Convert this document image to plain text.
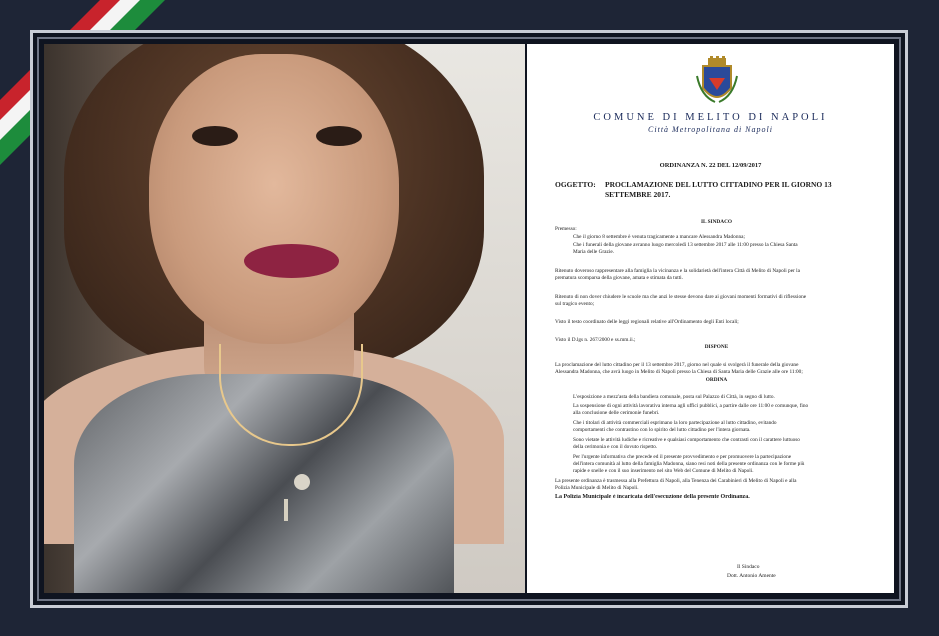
COMUNE DI MELITO DI NAPOLI
Città Metropolitana di Napoli
ORDINANZA N. 22 DEL 12/09/2017
OGGETTO: PROCLAMAZIONE DEL LUTTO CITTADINO PER IL GIORNO 13
SETTEMBRE 2017.
IL SINDACO
Premesso:
Che il giorno 8 settembre è venuta tragicamente a mancare Alessandra Madonna;
Che i funerali della giovane avranno luogo mercoledì 13 settembre 2017 alle 11:00 presso la Chiesa Santa
Maria delle Grazie.
Ritenuto doveroso rappresentare alla famiglia la vicinanza e la solidarietà dell'intera Città di Melito di Napoli per la
prematura scomparsa della giovane, amata e stimata da tutti.
Ritenuto di non dover chiudere le scuole ma che anzi le stesse devono dare ai giovani momenti formativi di riflessione
sul tragico evento;
Visto il testo coordinato delle leggi regionali relative all'Ordinamento degli Enti locali;
Visto il D.lgs n. 267/2000 e ss.mm.ii.;
DISPONE
La proclamazione del lutto cittadino per il 13 settembre 2017, giorno nel quale si svolgerà il funerale della giovane
Alessandra Madonna, che avrà luogo in Melito di Napoli presso la Chiesa di Santa Maria delle Grazie alle ore 11:00;
ORDINA
L'esposizione a mezz'asta della bandiera comunale, posta sul Palazzo di Città, in segno di lutto.
La sospensione di ogni attività lavorativa interna agli uffici pubblici, a partire dalle ore 11:00 e comunque, fino
alla conclusione delle cerimonie funebri.
Che i titolari di attività commerciali esprimano la loro partecipazione al lutto cittadino, evitando
comportamenti che contrastino con lo spirito del lutto cittadino per l'intera giornata.
Sono vietate le attività ludiche e ricreative e qualsiasi comportamento che contrasti con il carattere luttuoso
della cerimonia e con il dovuto rispetto.
Per l'urgente informativa che precede ed il presente provvedimento e per promuovere la partecipazione
dell'intera comunità al lutto della famiglia Madonna, siano resi noti della presente ordinanza con le forme più
rapide e snelle e con il suo inserimento nel sito Web del Comune di Melito di Napoli.
La presente ordinanza è trasmessa alla Prefettura di Napoli, alla Tenenza dei Carabinieri di Melito di Napoli e alla
Polizia Municipale di Melito di Napoli.
La Polizia Municipale è incaricata dell'esecuzione della presente Ordinanza.
Il Sindaco
Dott. Antonio Amente
